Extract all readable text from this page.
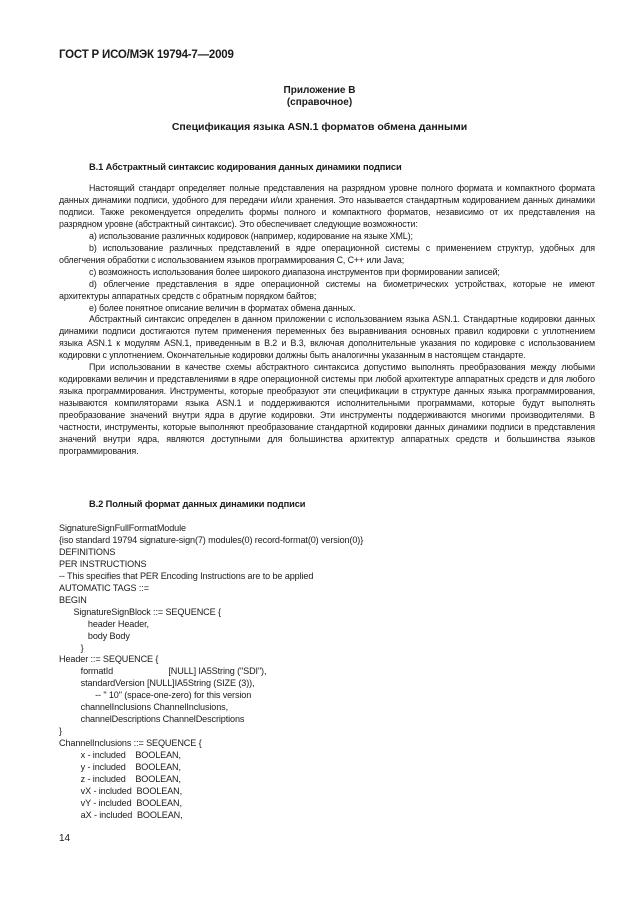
ГОСТ Р ИСО/МЭК 19794-7—2009
Приложение В
(справочное)
Спецификация языка ASN.1 форматов обмена данными
В.1 Абстрактный синтаксис кодирования данных динамики подписи

Настоящий стандарт определяет полные представления на разрядном уровне полного формата и компактного формата данных динамики подписи, удобного для передачи и/или хранения. Это называется стандартным кодированием данных динамики подписи. Также рекомендуется определить формы полного и компактного форматов, независимо от их представления на разрядном уровне (абстрактный синтаксис). Это обеспечивает следующие возможности:

a) использование различных кодировок (например, кодирование на языке XML);

b) использование различных представлений в ядре операционной системы с применением структур, удобных для облегчения обработки с использованием языков программирования С, С++ или Java;

c) возможность использования более широкого диапазона инструментов при формировании записей;

d) облегчение представления в ядре операционной системы на биометрических устройствах, которые не имеют архитектуры аппаратных средств с обратным порядком байтов;

e) более понятное описание величин в форматах обмена данных.

Абстрактный синтаксис определен в данном приложении с использованием языка ASN.1. Стандартные кодировки данных динамики подписи достигаются путем применения переменных без выравнивания основных правил кодировки с уплотнением языка ASN.1 к модулям ASN.1, приведенным в В.2 и В.3, включая дополнительные указания по кодировке с использованием кодировки с уплотнением. Окончательные кодировки должны быть аналогичны указанным в настоящем стандарте.

При использовании в качестве схемы абстрактного синтаксиса допустимо выполнять преобразования между любыми кодировками величин и представлениями в ядре операционной системы при любой архитектуре аппаратных средств и для любого языка программирования. Инструменты, которые преобразуют эти спецификации в структуре данных языка программирования, называются компиляторами языка ASN.1 и поддерживаются исполнительными программами, которые будут выполнять преобразование значений внутри ядра в другие кодировки. Эти инструменты поддерживаются многими производителями. В частности, инструменты, которые выполняют преобразование стандартной кодировки данных динамики подписи в представления значений внутри ядра, являются доступными для большинства архитектур аппаратных средств и большинства языков программирования.

В.2 Полный формат данных динамики подписи
SignatureSignFullFormatModule
{iso standard 19794 signature-sign(7) modules(0) record-format(0) version(0)}
DEFINITIONS
PER INSTRUCTIONS
-- This specifies that PER Encoding Instructions are to be applied
AUTOMATIC TAGS ::=
BEGIN
SignatureSignBlock ::= SEQUENCE {
header Header,
body Body
}
Header ::= SEQUENCE {
formatId                       [NULL] IA5String ("SDI"),
standardVersion [NULL]IA5String (SIZE (3)),
-- " 10" (space-one-zero) for this version
channelInclusions ChannelInclusions,
channelDescriptions ChannelDescriptions
}
ChannelInclusions ::= SEQUENCE {
x - included    BOOLEAN,
y - included    BOOLEAN,
z - included    BOOLEAN,
vX - included  BOOLEAN,
vY - included  BOOLEAN,
aX - included  BOOLEAN,
14
